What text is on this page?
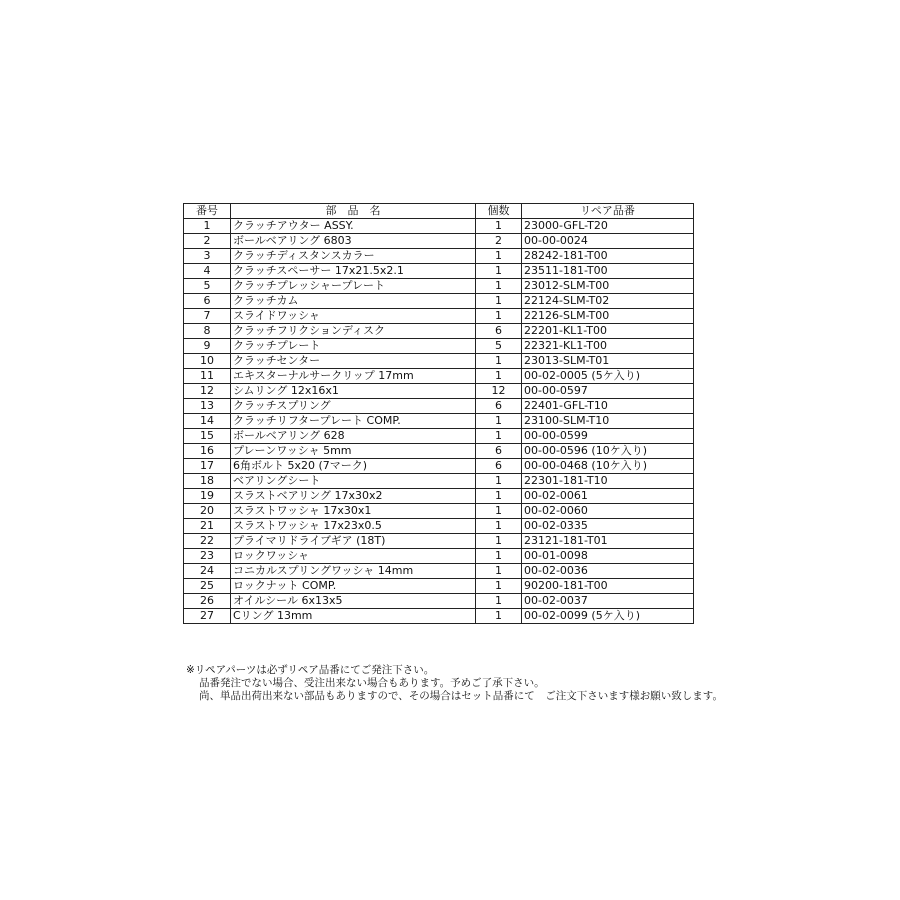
番号	部　品　名	個数	リペア品番
1	クラッチアウター ASSY.	1	23000-GFL-T20
2	ボールベアリング 6803	2	00-00-0024
3	クラッチディスタンスカラー	1	28242-181-T00
4	クラッチスペーサー 17x21.5x2.1	1	23511-181-T00
5	クラッチプレッシャープレート	1	23012-SLM-T00
6	クラッチカム	1	22124-SLM-T02
7	スライドワッシャ	1	22126-SLM-T00
8	クラッチフリクションディスク	6	22201-KL1-T00
9	クラッチプレート	5	22321-KL1-T00
10	クラッチセンター	1	23013-SLM-T01
11	エキスターナルサークリップ 17mm	1	00-02-0005 (5ケ入り)
12	シムリング 12x16x1	12	00-00-0597
13	クラッチスプリング	6	22401-GFL-T10
14	クラッチリフタープレート COMP.	1	23100-SLM-T10
15	ボールベアリング 628	1	00-00-0599
16	プレーンワッシャ 5mm	6	00-00-0596 (10ケ入り)
17	6角ボルト 5x20 (7マーク)	6	00-00-0468 (10ケ入り)
18	ベアリングシート	1	22301-181-T10
19	スラストベアリング 17x30x2	1	00-02-0061
20	スラストワッシャ 17x30x1	1	00-02-0060
21	スラストワッシャ 17x23x0.5	1	00-02-0335
22	プライマリドライブギア (18T)	1	23121-181-T01
23	ロックワッシャ	1	00-01-0098
24	コニカルスプリングワッシャ 14mm	1	00-02-0036
25	ロックナット COMP.	1	90200-181-T00
26	オイルシール 6x13x5	1	00-02-0037
27	Cリング 13mm	1	00-02-0099 (5ケ入り)
※リペアパーツは必ずリペア品番にてご発注下さい。
品番発注でない場合、受注出来ない場合もあります。予めご了承下さい。
尚、単品出荷出来ない部品もありますので、その場合はセット品番にて　ご注文下さいます様お願い致します。
